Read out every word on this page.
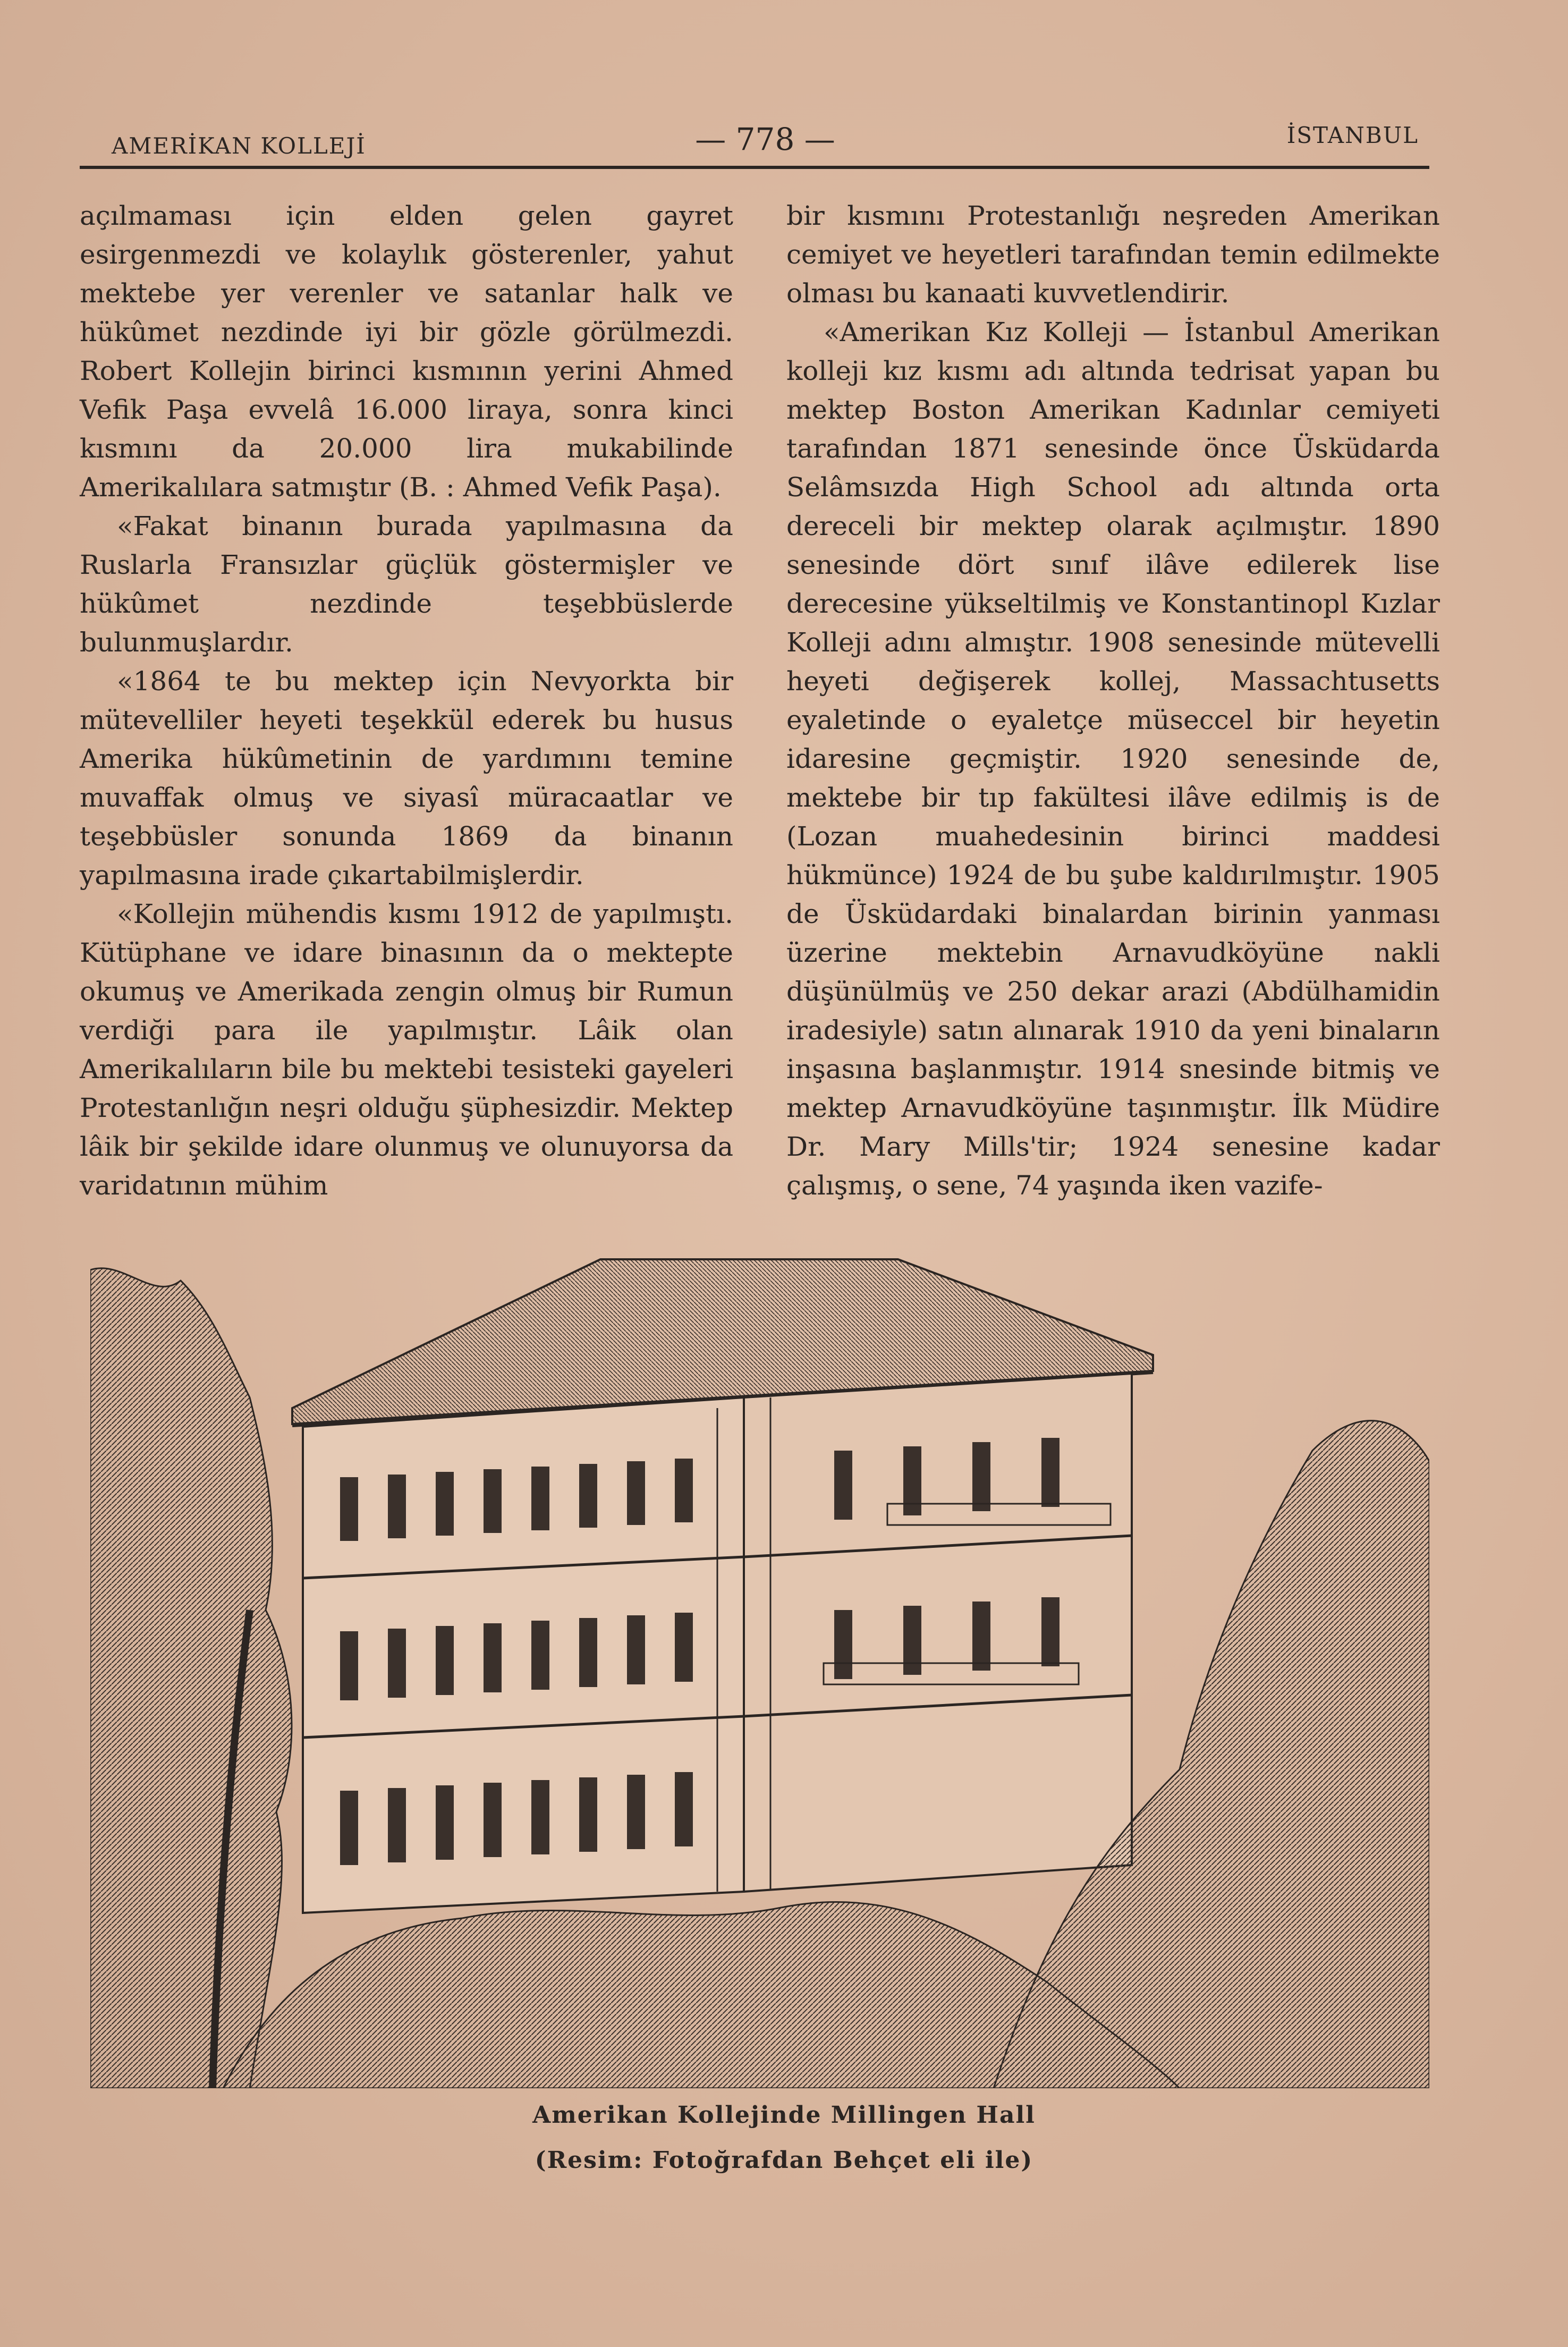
AMERİKAN KOLLEJİ	— 778 —	İSTANBUL

açılmaması için elden gelen gayret esirgenmezdi ve kolaylık gösterenler, yahut mektebe yer verenler ve satanlar halk ve hükûmet nezdinde iyi bir gözle görülmezdi. Robert Kollejin birinci kısmının yerini Ahmed Vefik Paşa evvelâ 16.000 liraya, sonra kinci kısmını da 20.000 lira mukabilinde Amerikalılara satmıştır (B. : Ahmed Vefik Paşa).

«Fakat binanın burada yapılmasına da Ruslarla Fransızlar güçlük göstermişler ve hükûmet nezdinde teşebbüslerde bulunmuşlardır.

«1864 te bu mektep için Nevyorkta bir mütevelliler heyeti teşekkül ederek bu husus Amerika hükûmetinin de yardımını temine muvaffak olmuş ve siyasî müracaatlar ve teşebbüsler sonunda 1869 da binanın yapılmasına irade çıkartabilmişlerdir.

«Kollejin mühendis kısmı 1912 de yapılmıştı. Kütüphane ve idare binasının da o mektepte okumuş ve Amerikada zengin olmuş bir Rumun verdiği para ile yapılmıştır. Lâik olan Amerikalıların bile bu mektebi tesisteki gayeleri Protestanlığın neşri olduğu şüphesizdir. Mektep lâik bir şekilde idare olunmuş ve olunuyorsa da varidatının mühim

bir kısmını Protestanlığı neşreden Amerikan cemiyet ve heyetleri tarafından temin edilmekte olması bu kanaati kuvvetlendirir.

«Amerikan Kız Kolleji — İstanbul Amerikan kolleji kız kısmı adı altında tedrisat yapan bu mektep Boston Amerikan Kadınlar cemiyeti tarafından 1871 senesinde önce Üsküdarda Selâmsızda High School adı altında orta dereceli bir mektep olarak açılmıştır. 1890 senesinde dört sınıf ilâve edilerek lise derecesine yükseltilmiş ve Konstantinopl Kızlar Kolleji adını almıştır. 1908 senesinde mütevelli heyeti değişerek kollej, Massachtusetts eyaletinde o eyaletçe müseccel bir heyetin idaresine geçmiştir. 1920 senesinde de, mektebe bir tıp fakültesi ilâve edilmiş is de (Lozan muahedesinin birinci maddesi hükmünce) 1924 de bu şube kaldırılmıştır. 1905 de Üsküdardaki binalardan birinin yanması üzerine mektebin Arnavudköyüne nakli düşünülmüş ve 250 dekar arazi (Abdülhamidin iradesiyle) satın alınarak 1910 da yeni binaların inşasına başlanmıştır. 1914 snesinde bitmiş ve mektep Arnavudköyüne taşınmıştır. İlk Müdire Dr. Mary Mills'tir; 1924 senesine kadar çalışmış, o sene, 74 yaşında iken vazife-

Amerikan Kollejinde Millingen Hall
(Resim: Fotoğrafdan Behçet eli ile)
